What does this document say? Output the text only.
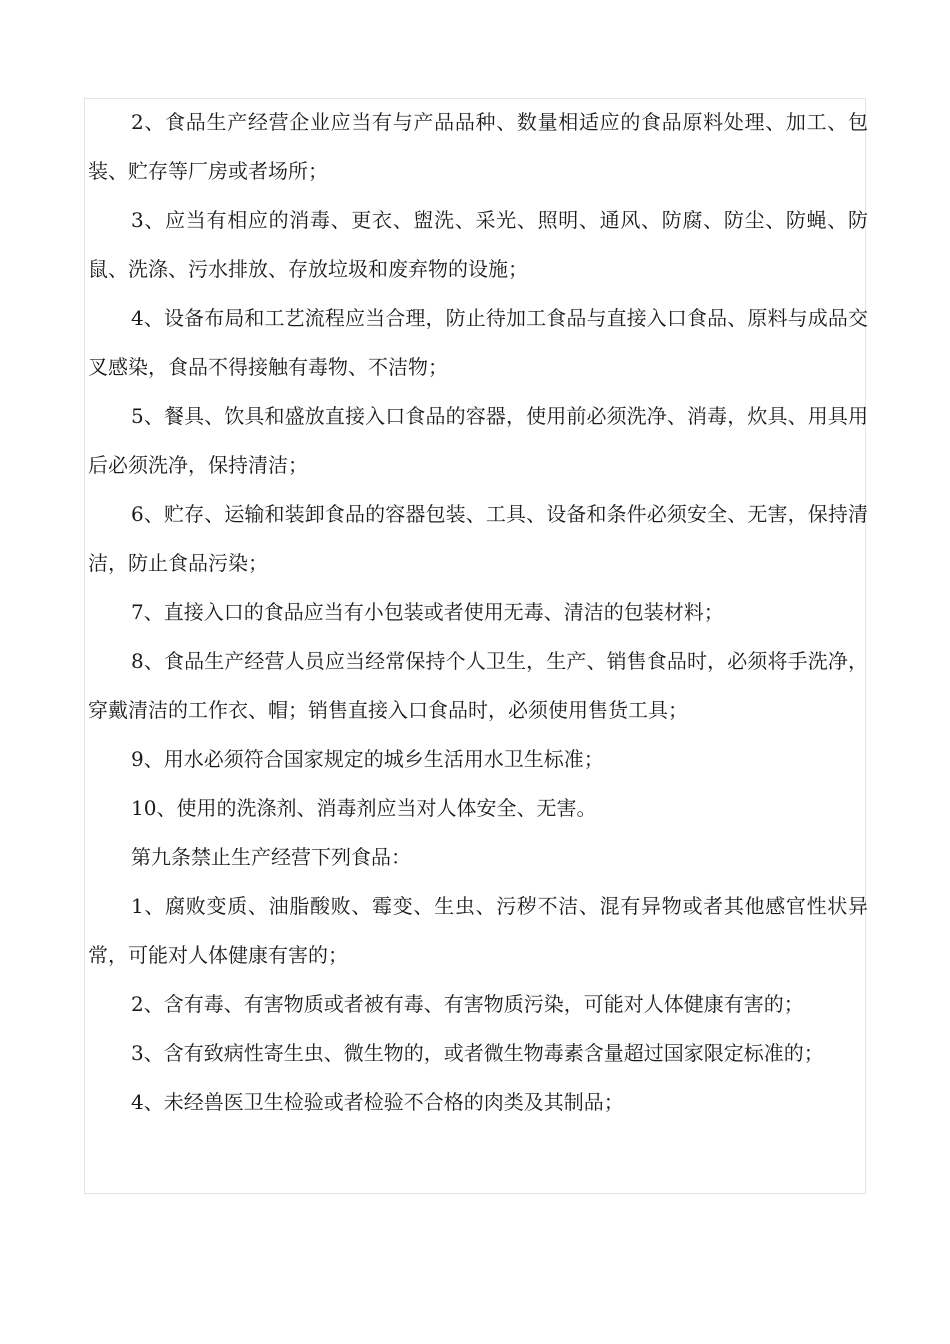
2、食品生产经营企业应当有与产品品种、数量相适应的食品原料处理、加工、包装、贮存等厂房或者场所；

3、应当有相应的消毒、更衣、盥洗、采光、照明、通风、防腐、防尘、防蝇、防鼠、洗涤、污水排放、存放垃圾和废弃物的设施；

4、设备布局和工艺流程应当合理，防止待加工食品与直接入口食品、原料与成品交叉感染，食品不得接触有毒物、不洁物；

5、餐具、饮具和盛放直接入口食品的容器，使用前必须洗净、消毒，炊具、用具用后必须洗净，保持清洁；

6、贮存、运输和装卸食品的容器包装、工具、设备和条件必须安全、无害，保持清洁，防止食品污染；

7、直接入口的食品应当有小包装或者使用无毒、清洁的包装材料；

8、食品生产经营人员应当经常保持个人卫生，生产、销售食品时，必须将手洗净，穿戴清洁的工作衣、帽；销售直接入口食品时，必须使用售货工具；

9、用水必须符合国家规定的城乡生活用水卫生标准；

10、使用的洗涤剂、消毒剂应当对人体安全、无害。

第九条禁止生产经营下列食品：

1、腐败变质、油脂酸败、霉变、生虫、污秽不洁、混有异物或者其他感官性状异常，可能对人体健康有害的；

2、含有毒、有害物质或者被有毒、有害物质污染，可能对人体健康有害的；

3、含有致病性寄生虫、微生物的，或者微生物毒素含量超过国家限定标准的；

4、未经兽医卫生检验或者检验不合格的肉类及其制品；
